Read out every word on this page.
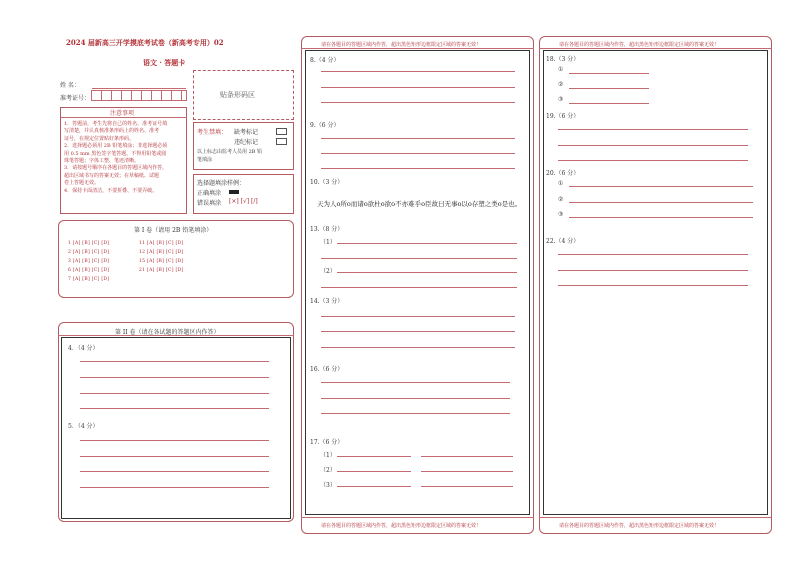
2024 届新高三开学摸底考试卷（新高考专用）02
语文 · 答题卡
姓 名：
准考证号：	贴条形码区
注意事项
1．答题前，考生先将自己的姓名，准考证号填
写清楚，并认真核准条形码上的姓名、准考
证号，在规定位置贴好条形码。
2．选择题必须用 2B 铅笔填涂；非选择题必须
用 0.5 mm 黑色签字笔答题，不得用铅笔或圆
珠笔答题；字体工整、笔迹清晰。
3．请按题号顺序在各题目的答题区域内作答，
超出区域书写的答案无效；在草稿纸、试题
卷上答题无效。
4．保持卡面清洁，不要折叠、不要弄破。
考生禁填： 缺考标记
违纪标记
以上标志由监考人员用 2B 铅
笔填涂
选择题填涂样例：
正确填涂
错误填涂 [×] [√] [/]
第 I 卷（请用 2B 铅笔填涂）
1 [A] [B] [C] [D]
2 [A] [B] [C] [D]
3 [A] [B] [C] [D]
6 [A] [B] [C] [D]
7 [A] [B] [C] [D]
11 [A] [B] [C] [D]
12 [A] [B] [C] [D]
15 [A] [B] [C] [D]
21 [A] [B] [C] [D]
第 II 卷（请在各试题的答题区内作答）
4．（4 分）
5．（4 分）
请在各题目的答题区域内作答，超出黑色矩形边框限定区域的答案无效！
请在各题目的答题区域内作答，超出黑色矩形边框限定区域的答案无效！
8.（4 分）
9.（6 分）
10.（3 分）
天为人o所o而诸o欲杜o欲o不亦难乎o臣故曰无事o以o存塑之类o是也。
13.（8 分）
（1）
（2）
14.（3 分）
16.（6 分）
17.（6 分）
（1）
（2）
（3）
请在各题目的答题区域内作答，超出黑色矩形边框限定区域的答案无效！
请在各题目的答题区域内作答，超出黑色矩形边框限定区域的答案无效！
18.（3 分）
①
②
③
19.（6 分）
20.（6 分）
①
②
③
22.（4 分）
